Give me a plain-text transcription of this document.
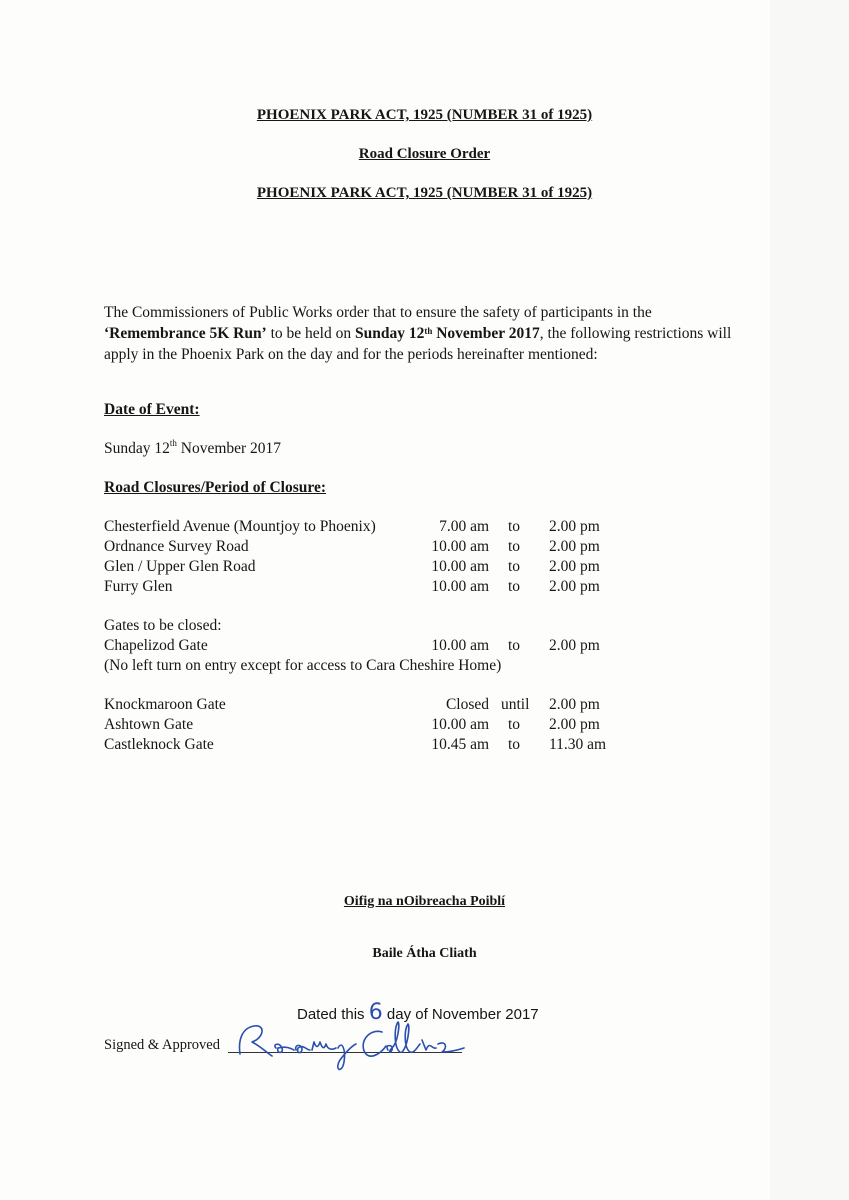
PHOENIX PARK ACT, 1925 (NUMBER 31 of 1925)
Road Closure Order
PHOENIX PARK ACT, 1925 (NUMBER 31 of 1925)
The Commissioners of Public Works order that to ensure the safety of participants in the ‘Remembrance 5K Run’ to be held on Sunday 12th November 2017, the following restrictions will apply in the Phoenix Park on the day and for the periods hereinafter mentioned:
Date of Event:
Sunday 12th November 2017
Road Closures/Period of Closure:
Chesterfield Avenue (Mountjoy to Phoenix)	7.00 am to	2.00 pm
Ordnance Survey Road	10.00 am to	2.00 pm
Glen / Upper Glen Road	10.00 am to	2.00 pm
Furry Glen	10.00 am to	2.00 pm
Gates to be closed:
Chapelizod Gate	10.00 am to	2.00 pm
(No left turn on entry except for access to Cara Cheshire Home)
Knockmaroon Gate	Closed until	2.00 pm
Ashtown Gate	10.00 am to	2.00 pm
Castleknock Gate	10.45 am to	11.30 am
Oifig na nOibreacha Poiblí
Baile Átha Cliath
Dated this 6 day of November 2017
Signed & Approved
